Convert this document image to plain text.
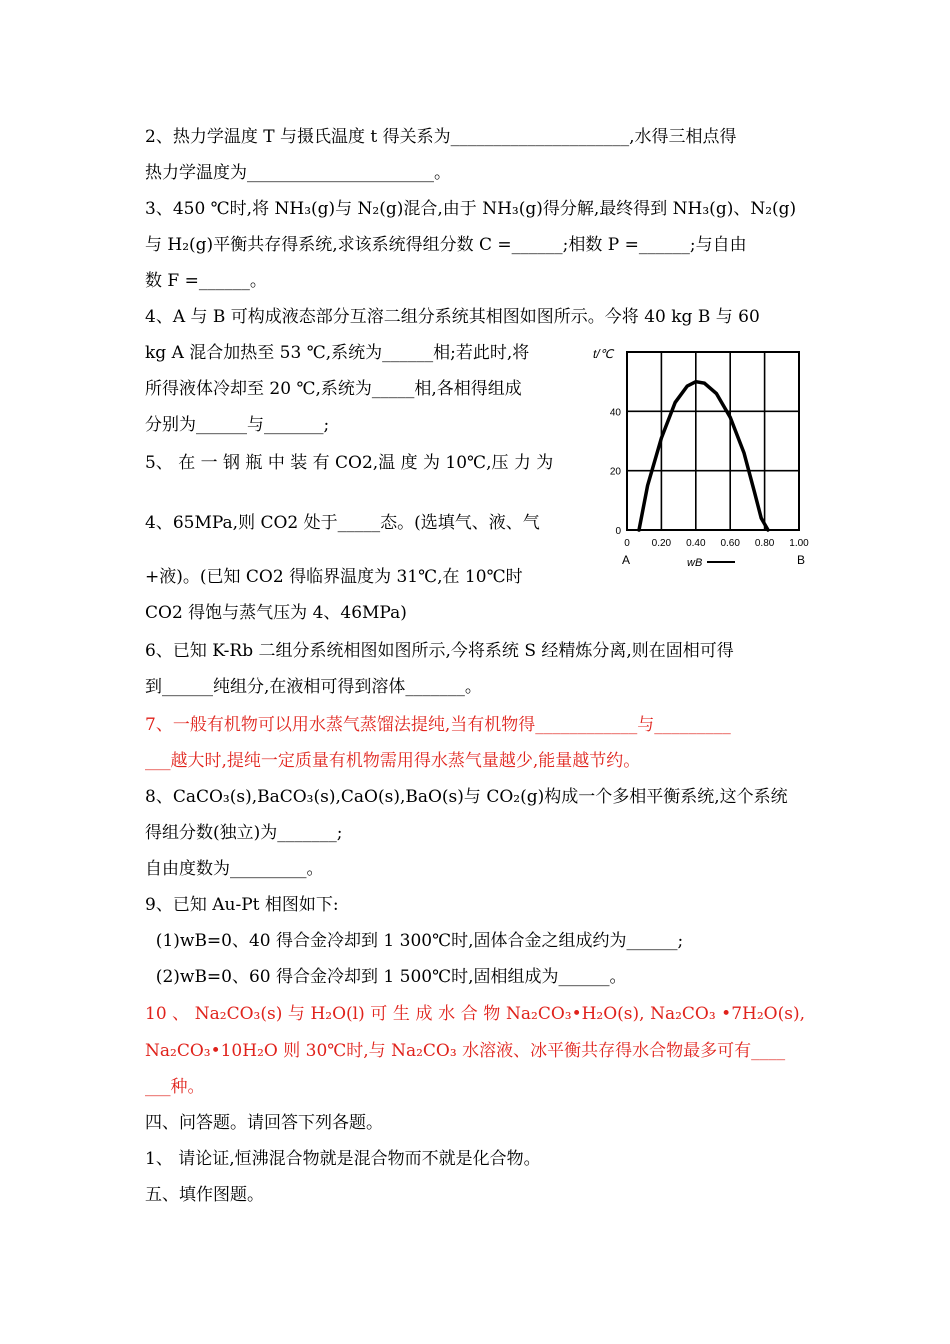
2、热力学温度 T 与摄氏温度 t 得关系为_____________________,水得三相点得
热力学温度为______________________。
3、450 ℃时,将 NH₃(g)与 N₂(g)混合,由于 NH₃(g)得分解,最终得到 NH₃(g)、N₂(g)
与 H₂(g)平衡共存得系统,求该系统得组分数 C =______;相数 P =______;与自由
数 F =______。
4、A 与 B 可构成液态部分互溶二组分系统其相图如图所示。今将 40 kg B 与 60
kg A 混合加热至 53 ℃,系统为______相;若此时,将
所得液体冷却至 20 ℃,系统为_____相,各相得组成
分别为______与_______;
5、 在 一 钢 瓶 中 装 有 CO2,温 度 为 10℃,压 力 为
4、65MPa,则 CO2 处于_____态。(选填气、液、气
+液)。(已知 CO2 得临界温度为 31℃,在 10℃时
CO2 得饱与蒸气压为 4、46MPa)
6、已知 K-Rb 二组分系统相图如图所示,今将系统 S 经精炼分离,则在固相可得
到______纯组分,在液相可得到溶体_______。
7、一般有机物可以用水蒸气蒸馏法提纯,当有机物得____________与_________
___越大时,提纯一定质量有机物需用得水蒸气量越少,能量越节约。
8、CaCO₃(s),BaCO₃(s),CaO(s),BaO(s)与 CO₂(g)构成一个多相平衡系统,这个系统
得组分数(独立)为_______;
自由度数为_________。
9、已知 Au-Pt 相图如下:
(1)wB=0、40 得合金冷却到 1 300℃时,固体合金之组成约为______;
(2)wB=0、60 得合金冷却到 1 500℃时,固相组成为______。
10 、 Na₂CO₃(s) 与 H₂O(l) 可 生 成 水 合 物 Na₂CO₃•H₂O(s), Na₂CO₃ •7H₂O(s),
Na₂CO₃•10H₂O 则 30℃时,与 Na₂CO₃ 水溶液、冰平衡共存得水合物最多可有____
___种。
四、问答题。请回答下列各题。
1、 请论证,恒沸混合物就是混合物而不就是化合物。
五、填作图题。
0 0.20 0.40 0.60 0.80 1.00
0
20
40
t/℃
A	B
wB
